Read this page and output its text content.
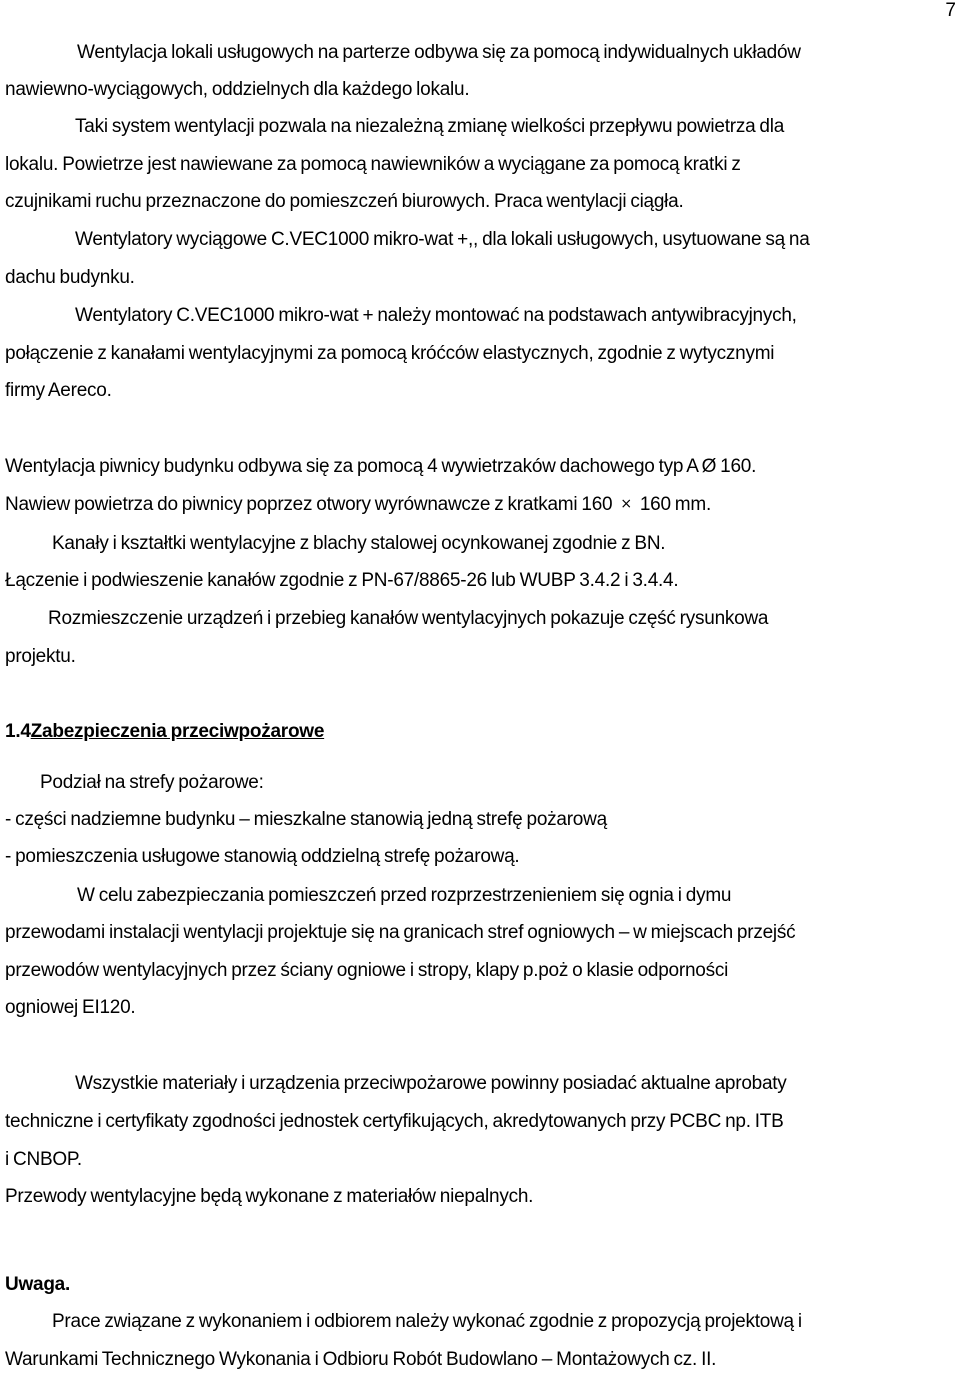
7
Wentylacja lokali usługowych na parterze odbywa się za pomocą indywidualnych układów
nawiewno-wyciągowych, oddzielnych dla każdego lokalu.
Taki system wentylacji pozwala na niezależną zmianę wielkości przepływu powietrza dla
lokalu. Powietrze jest nawiewane za pomocą nawiewników a wyciągane za pomocą kratki z
czujnikami ruchu przeznaczone do pomieszczeń biurowych. Praca wentylacji ciągła.
Wentylatory wyciągowe C.VEC1000 mikro-wat +,, dla lokali usługowych, usytuowane są na
dachu budynku.
Wentylatory C.VEC1000 mikro-wat + należy montować na podstawach antywibracyjnych,
połączenie z kanałami wentylacyjnymi za pomocą króćców elastycznych, zgodnie z wytycznymi
firmy Aereco.
Wentylacja piwnicy budynku odbywa się za pomocą 4 wywietrzaków dachowego typ A Ø 160.
Nawiew powietrza do piwnicy poprzez otwory wyrównawcze z kratkami 160 × 160 mm.
Kanały i kształtki wentylacyjne z blachy stalowej ocynkowanej zgodnie z BN.
Łączenie i podwieszenie kanałów zgodnie z PN-67/8865-26 lub WUBP 3.4.2 i 3.4.4.
Rozmieszczenie urządzeń i przebieg kanałów wentylacyjnych pokazuje część rysunkowa
projektu.
1.4Zabezpieczenia przeciwpożarowe
Podział na strefy pożarowe:
- części nadziemne budynku – mieszkalne stanowią jedną strefę pożarową
- pomieszczenia usługowe stanowią oddzielną strefę pożarową.
W celu zabezpieczania pomieszczeń przed rozprzestrzenieniem się ognia i dymu
przewodami instalacji wentylacji projektuje się na granicach stref ogniowych – w miejscach przejść
przewodów wentylacyjnych przez ściany ogniowe i stropy, klapy p.poż o klasie odporności
ogniowej EI120.
Wszystkie materiały i urządzenia przeciwpożarowe powinny posiadać aktualne aprobaty
techniczne i certyfikaty zgodności jednostek certyfikujących, akredytowanych przy PCBC np. ITB
i CNBOP.
Przewody wentylacyjne będą wykonane z materiałów niepalnych.
Uwaga.
Prace związane z wykonaniem i odbiorem należy wykonać zgodnie z propozycją projektową i
Warunkami Technicznego Wykonania i Odbioru Robót Budowlano – Montażowych cz. II.
